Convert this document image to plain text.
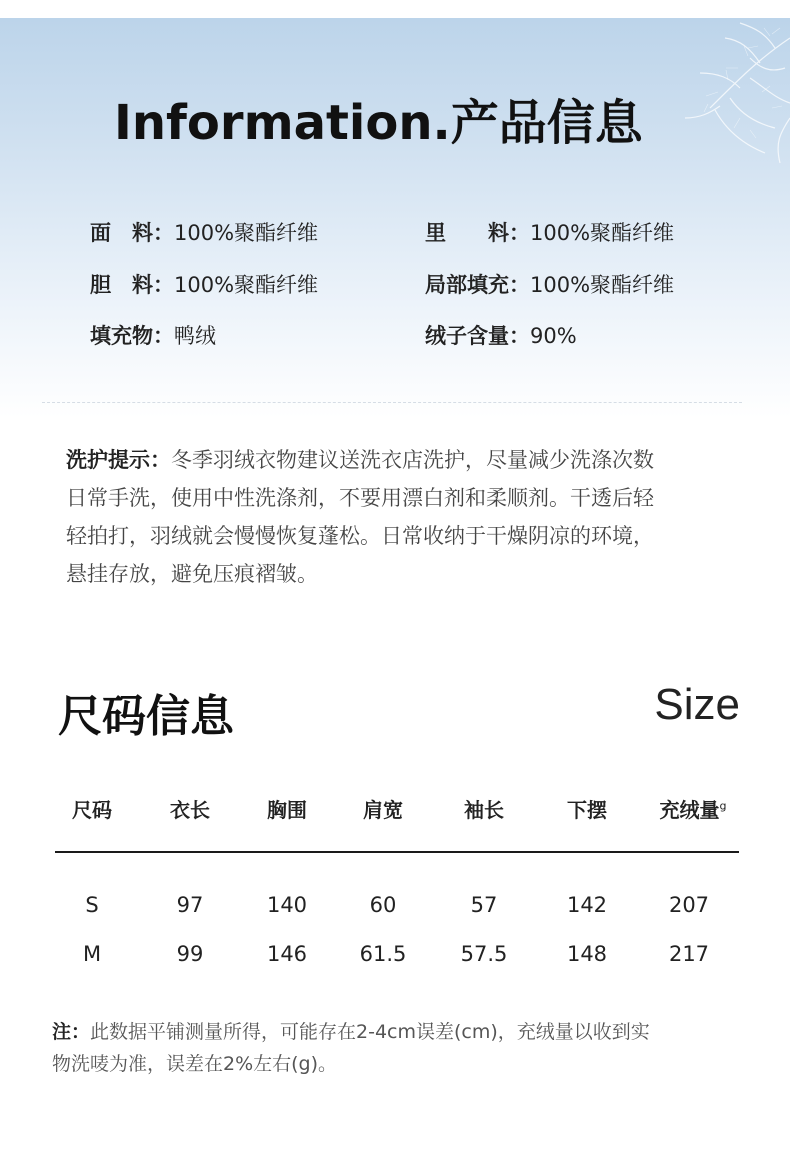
Information.产品信息
面　料：100%聚酯纤维	里　　料：100%聚酯纤维
胆　料：100%聚酯纤维	局部填充：100%聚酯纤维
填充物：鸭绒	绒子含量：90%
洗护提示：冬季羽绒衣物建议送洗衣店洗护，尽量减少洗涤次数
日常手洗，使用中性洗涤剂，不要用漂白剂和柔顺剂。干透后轻
轻拍打，羽绒就会慢慢恢复蓬松。日常收纳于干燥阴凉的环境，
悬挂存放，避免压痕褶皱。
尺码信息	Size
尺码	衣长	胸围	肩宽	袖长	下摆	充绒量$^g$
S	97	140	60	57	142	207
M	99	146	61.5	57.5	148	217
注：此数据平铺测量所得，可能存在2-4cm误差(cm)，充绒量以收到实
物洗唛为准，误差在2%左右(g)。
